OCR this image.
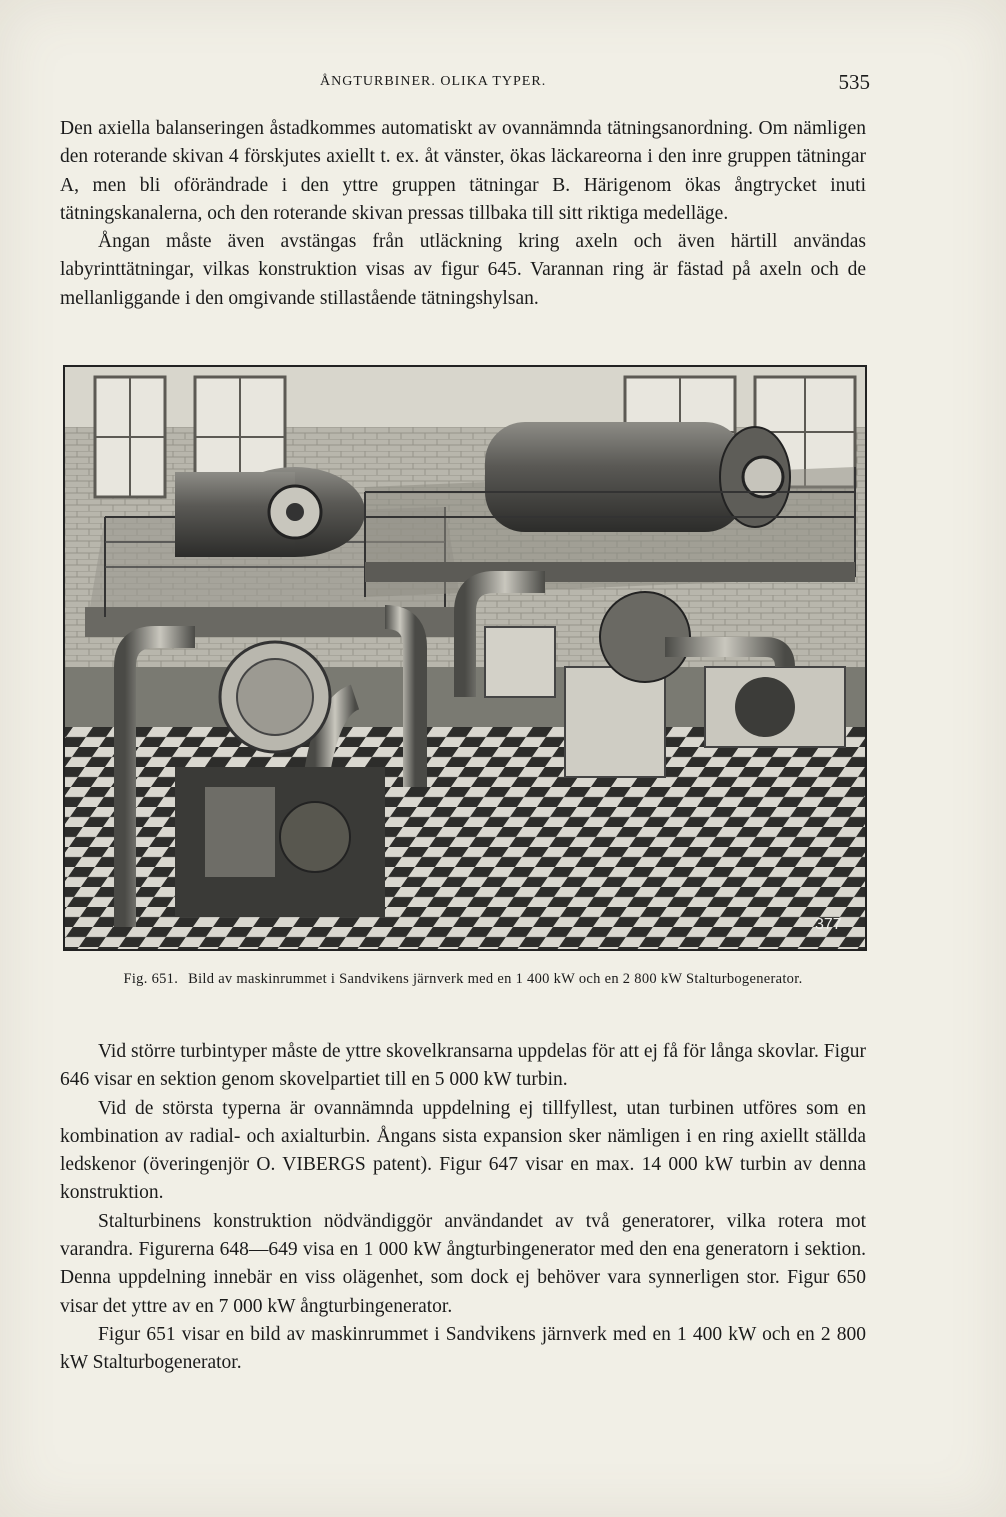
ÅNGTURBINER. OLIKA TYPER.	535

Den axiella balanseringen åstadkommes automatiskt av ovannämnda tätningsanordning. Om nämligen den roterande skivan 4 förskjutes axiellt t. ex. åt vänster, ökas läckareorna i den inre gruppen tätningar A, men bli oförändrade i den yttre gruppen tätningar B. Härigenom ökas ångtrycket inuti tätningskanalerna, och den roterande skivan pressas tillbaka till sitt riktiga medelläge.

Ångan måste även avstängas från utläckning kring axeln och även härtill användas labyrinttätningar, vilkas konstruktion visas av figur 645. Varannan ring är fästad på axeln och de mellanliggande i den omgivande stillastående tätningshylsan.

377
Fig. 651. Bild av maskinrummet i Sandvikens järnverk med en 1 400 kW och en 2 800 kW Stalturbogenerator.

Vid större turbintyper måste de yttre skovelkransarna uppdelas för att ej få för långa skovlar. Figur 646 visar en sektion genom skovelpartiet till en 5 000 kW turbin.

Vid de största typerna är ovannämnda uppdelning ej tillfyllest, utan turbinen utföres som en kombination av radial- och axialturbin. Ångans sista expansion sker nämligen i en ring axiellt ställda ledskenor (överingenjör O. VIBERGS patent). Figur 647 visar en max. 14 000 kW turbin av denna konstruktion.

Stalturbinens konstruktion nödvändiggör användandet av två generatorer, vilka rotera mot varandra. Figurerna 648—649 visa en 1 000 kW ångturbingenerator med den ena generatorn i sektion. Denna uppdelning innebär en viss olägenhet, som dock ej behöver vara synnerligen stor. Figur 650 visar det yttre av en 7 000 kW ångturbingenerator.

Figur 651 visar en bild av maskinrummet i Sandvikens järnverk med en 1 400 kW och en 2 800 kW Stalturbogenerator.
